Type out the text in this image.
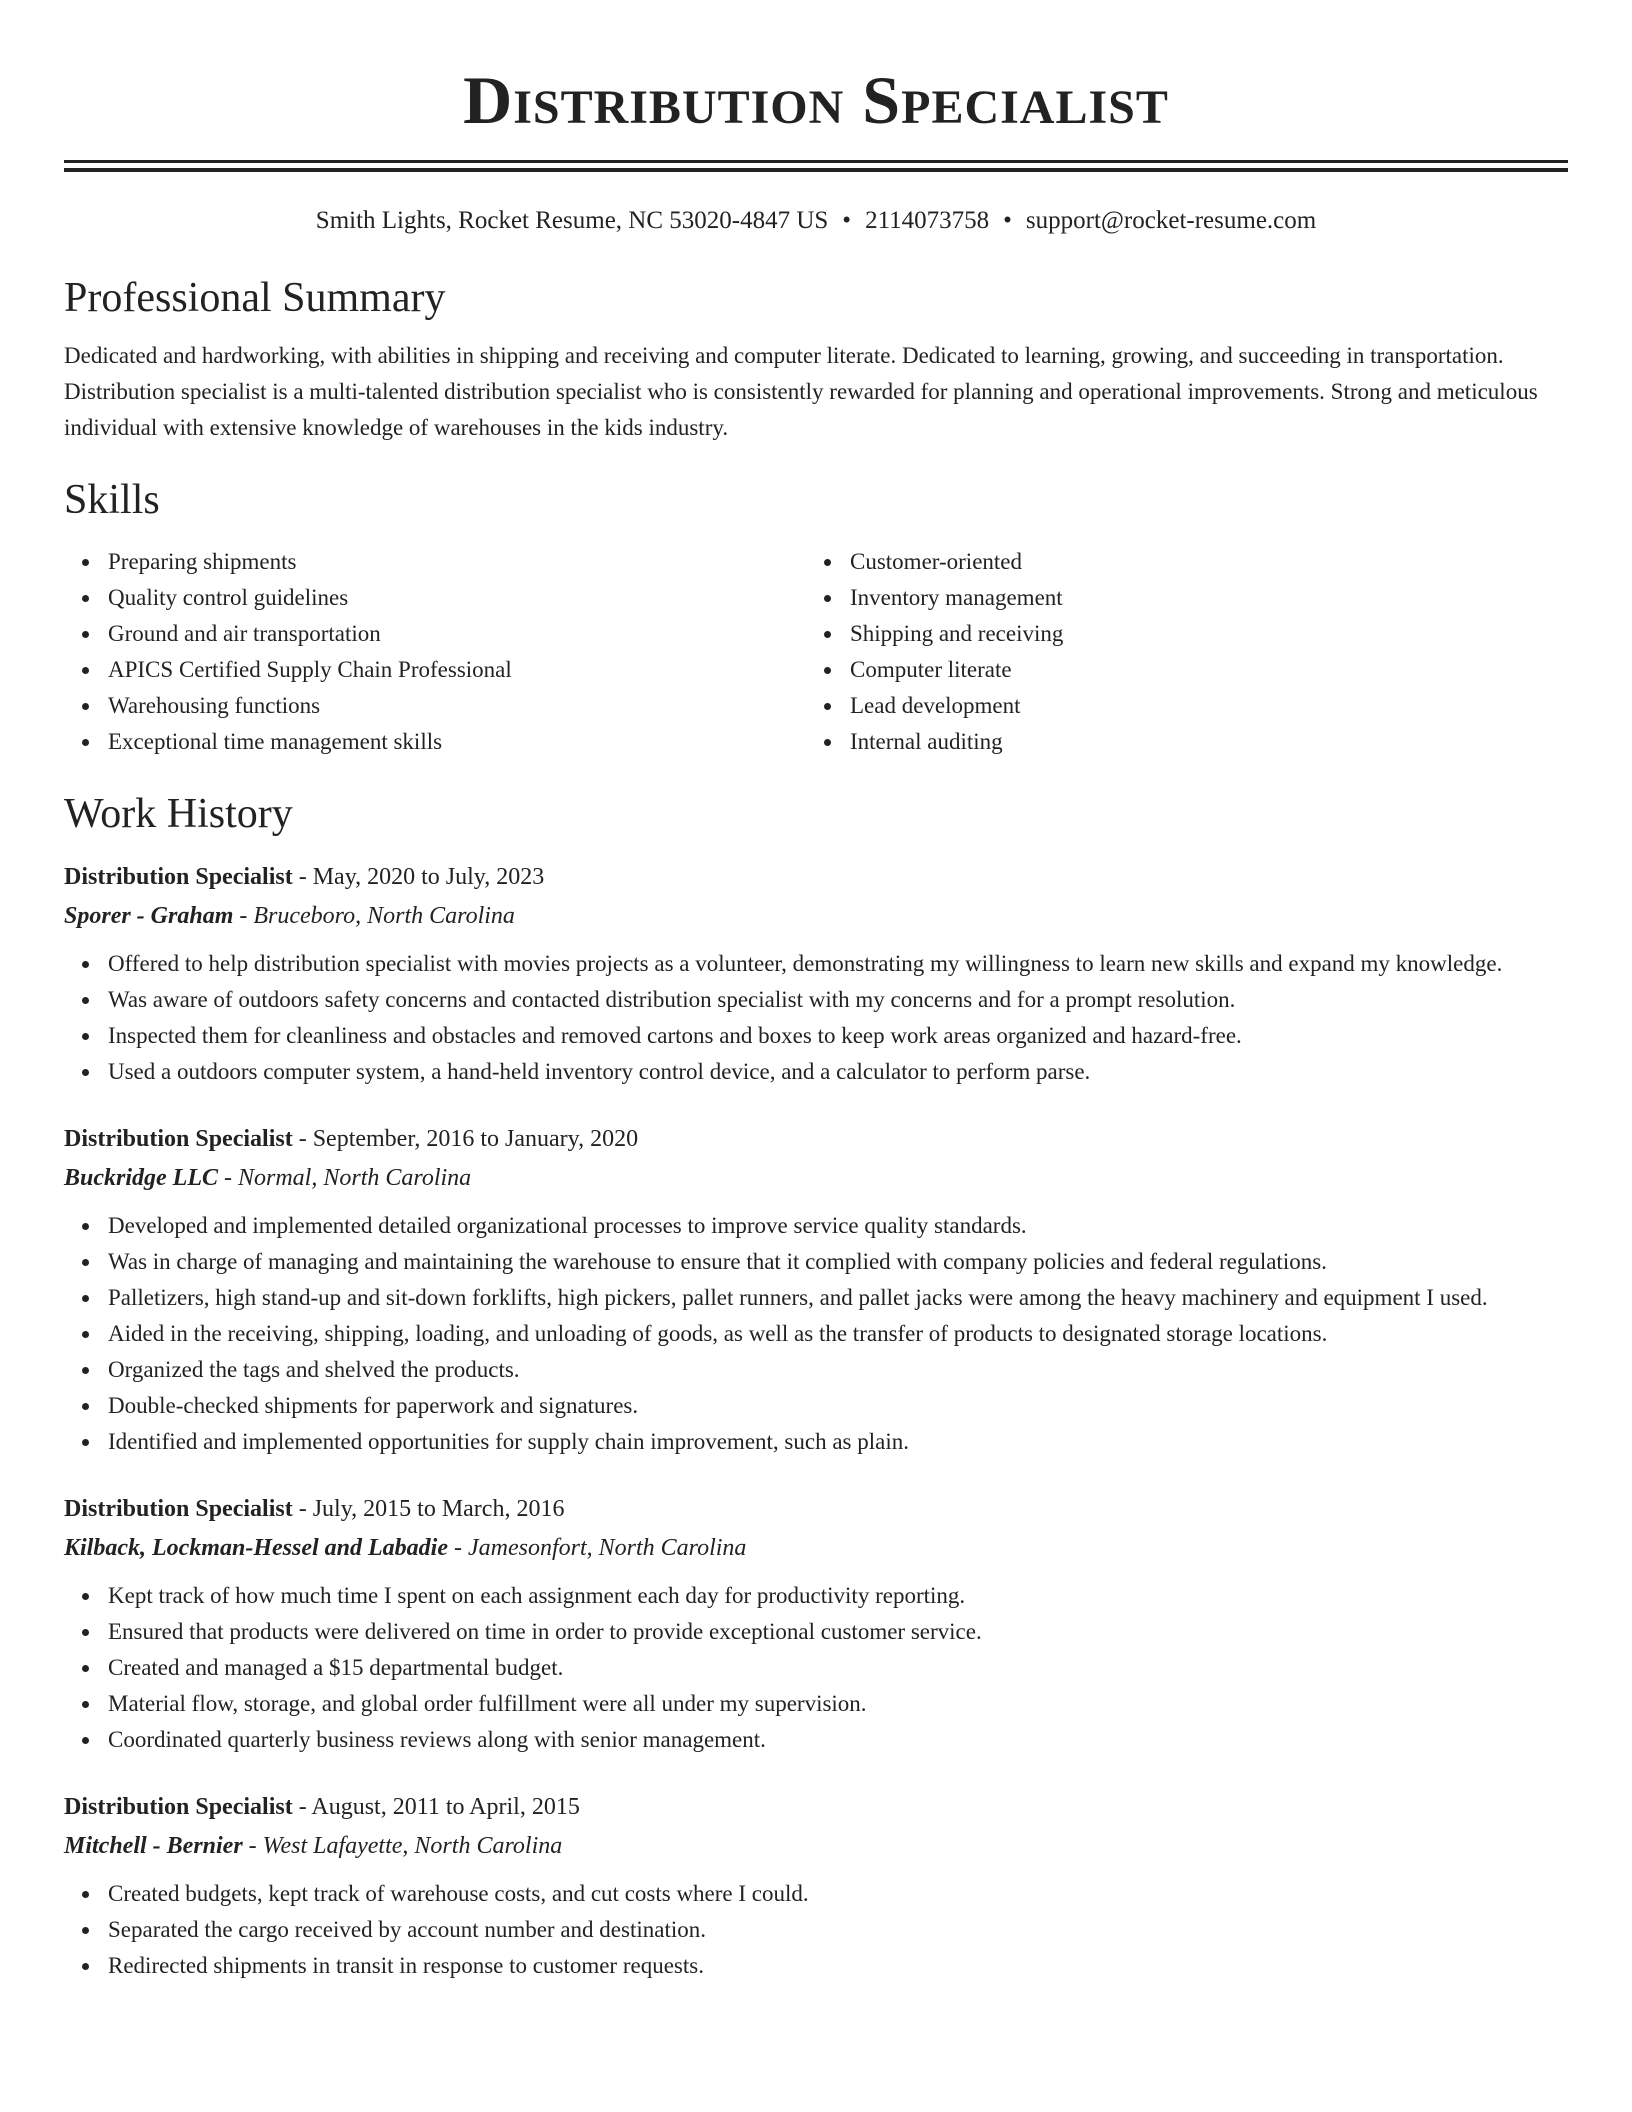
Distribution Specialist
Smith Lights, Rocket Resume, NC 53020-4847 US • 2114073758 • support@rocket-resume.com
Professional Summary
Dedicated and hardworking, with abilities in shipping and receiving and computer literate. Dedicated to learning, growing, and succeeding in transportation. Distribution specialist is a multi-talented distribution specialist who is consistently rewarded for planning and operational improvements. Strong and meticulous individual with extensive knowledge of warehouses in the kids industry.
Skills
Preparing shipments
Quality control guidelines
Ground and air transportation
APICS Certified Supply Chain Professional
Warehousing functions
Exceptional time management skills
Customer-oriented
Inventory management
Shipping and receiving
Computer literate
Lead development
Internal auditing
Work History
Distribution Specialist - May, 2020 to July, 2023
Sporer - Graham - Bruceboro, North Carolina
Offered to help distribution specialist with movies projects as a volunteer, demonstrating my willingness to learn new skills and expand my knowledge.
Was aware of outdoors safety concerns and contacted distribution specialist with my concerns and for a prompt resolution.
Inspected them for cleanliness and obstacles and removed cartons and boxes to keep work areas organized and hazard-free.
Used a outdoors computer system, a hand-held inventory control device, and a calculator to perform parse.
Distribution Specialist - September, 2016 to January, 2020
Buckridge LLC - Normal, North Carolina
Developed and implemented detailed organizational processes to improve service quality standards.
Was in charge of managing and maintaining the warehouse to ensure that it complied with company policies and federal regulations.
Palletizers, high stand-up and sit-down forklifts, high pickers, pallet runners, and pallet jacks were among the heavy machinery and equipment I used.
Aided in the receiving, shipping, loading, and unloading of goods, as well as the transfer of products to designated storage locations.
Organized the tags and shelved the products.
Double-checked shipments for paperwork and signatures.
Identified and implemented opportunities for supply chain improvement, such as plain.
Distribution Specialist - July, 2015 to March, 2016
Kilback, Lockman-Hessel and Labadie - Jamesonfort, North Carolina
Kept track of how much time I spent on each assignment each day for productivity reporting.
Ensured that products were delivered on time in order to provide exceptional customer service.
Created and managed a $15 departmental budget.
Material flow, storage, and global order fulfillment were all under my supervision.
Coordinated quarterly business reviews along with senior management.
Distribution Specialist - August, 2011 to April, 2015
Mitchell - Bernier - West Lafayette, North Carolina
Created budgets, kept track of warehouse costs, and cut costs where I could.
Separated the cargo received by account number and destination.
Redirected shipments in transit in response to customer requests.
